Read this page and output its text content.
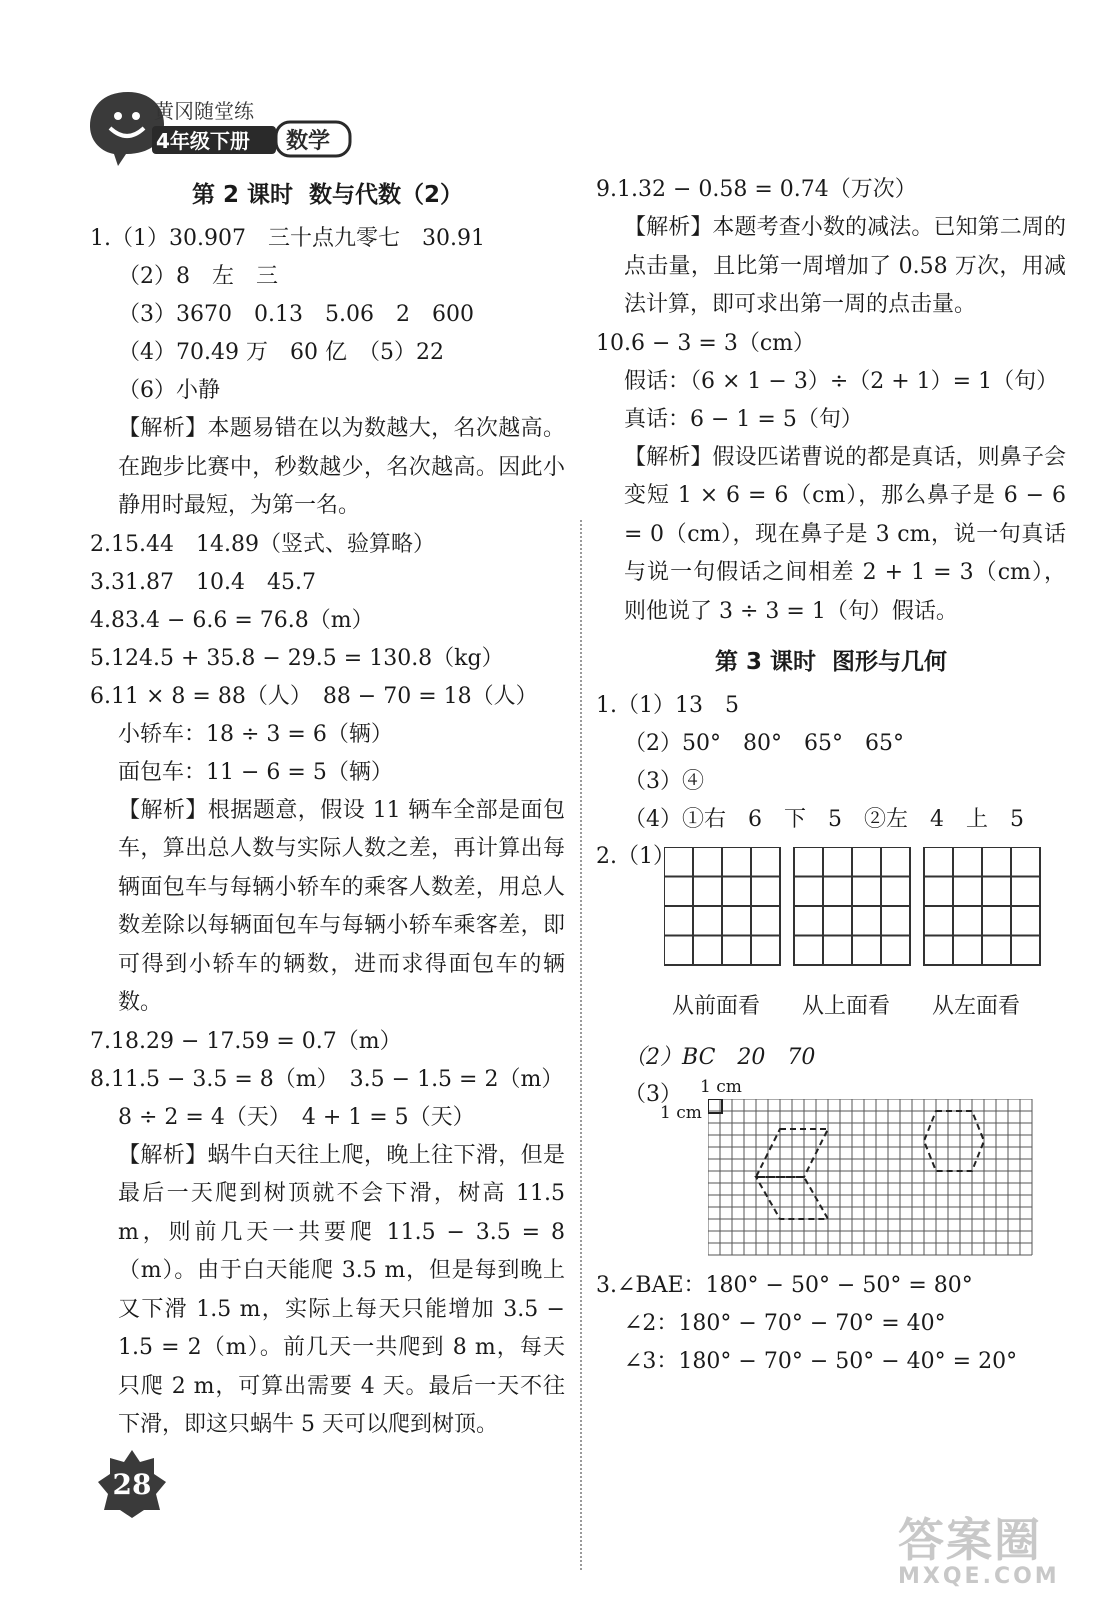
黄冈随堂练
4年级下册 数学
第 2 课时 数与代数（2）
1.（1）30.907　三十点九零七　30.91
（2）8　左　三
（3）3670　0.13　5.06　2　600
（4）70.49 万　60 亿　（5）22
（6）小静
【解析】本题易错在以为数越大，名次越高。在跑步比赛中，秒数越少，名次越高。因此小静用时最短，为第一名。
2.15.44　14.89（竖式、验算略）
3.31.87　10.4　45.7
4.83.4 − 6.6 = 76.8（m）
5.124.5 + 35.8 − 29.5 = 130.8（kg）
6.11 × 8 = 88（人）　88 − 70 = 18（人）
小轿车：18 ÷ 3 = 6（辆）
面包车：11 − 6 = 5（辆）
【解析】根据题意，假设 11 辆车全部是面包车，算出总人数与实际人数之差，再计算出每辆面包车与每辆小轿车的乘客人数差，用总人数差除以每辆面包车与每辆小轿车乘客差，即可得到小轿车的辆数，进而求得面包车的辆数。
7.18.29 − 17.59 = 0.7（m）
8.11.5 − 3.5 = 8（m）　3.5 − 1.5 = 2（m）
8 ÷ 2 = 4（天）　4 + 1 = 5（天）
【解析】蜗牛白天往上爬，晚上往下滑，但是最后一天爬到树顶就不会下滑，树高 11.5 m，则前几天一共要爬 11.5 − 3.5 = 8（m）。由于白天能爬 3.5 m，但是每到晚上又下滑 1.5 m，实际上每天只能增加 3.5 − 1.5 = 2（m）。前几天一共爬到 8 m，每天只爬 2 m，可算出需要 4 天。最后一天不往下滑，即这只蜗牛 5 天可以爬到树顶。
9.1.32 − 0.58 = 0.74（万次）
【解析】本题考查小数的减法。已知第二周的点击量，且比第一周增加了 0.58 万次，用减法计算，即可求出第一周的点击量。
10.6 − 3 = 3（cm）
假话：（6 × 1 − 3）÷（2 + 1）= 1（句）
真话：6 − 1 = 5（句）
【解析】假设匹诺曹说的都是真话，则鼻子会变短 1 × 6 = 6（cm），那么鼻子是 6 − 6 = 0（cm），现在鼻子是 3 cm，说一句真话与说一句假话之间相差 2 + 1 = 3（cm），则他说了 3 ÷ 3 = 1（句）假话。
第 3 课时 图形与几何
1.（1）13　5
（2）50°　80°　65°　65°
（3）④
（4）①右　6　下　5　②左　4　上　5
2.（1）
从前面看 从上面看 从左面看
（2）BC　20　70
（3） 1 cm
1 cm
3.∠BAE：180° − 50° − 50° = 80°
∠2：180° − 70° − 70° = 40°
∠3：180° − 70° − 50° − 40° = 20°
28
答案圈
MXQE.COM
